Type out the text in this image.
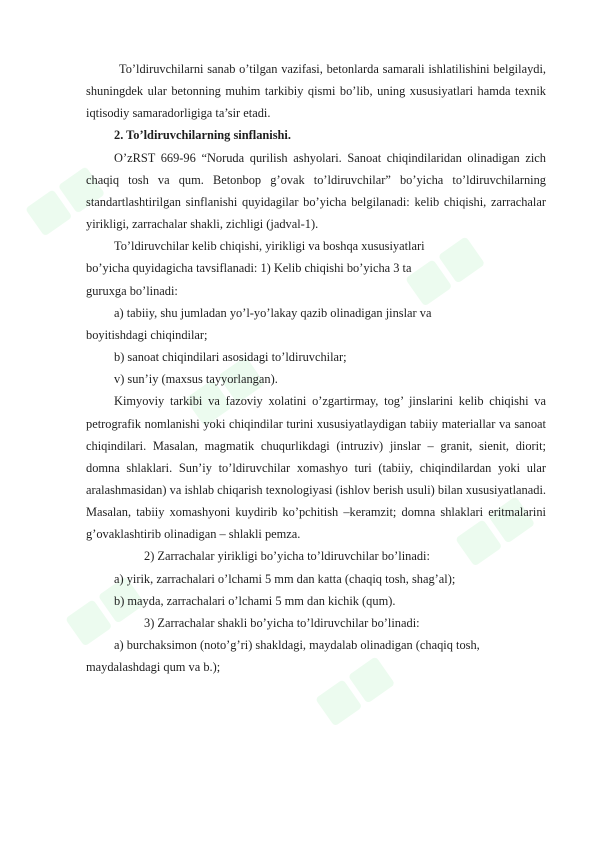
To’ldiruvchilarni sanab o’tilgan vazifasi, betonlarda samarali ishlatilishini belgilaydi, shuningdek ular betonning muhim tarkibiy qismi bo’lib, uning xususiyatlari hamda texnik iqtisodiy samaradorligiga ta’sir etadi.

2. To’ldiruvchilarning sinflanishi.

O’zRST 669-96 “Noruda qurilish ashyolari. Sanoat chiqindilaridan olinadigan zich chaqiq tosh va qum. Betonbop g’ovak to’ldiruvchilar” bo’yicha to’ldiruvchilarning standartlashtirilgan sinflanishi quyidagilar bo’yicha belgilanadi: kelib chiqishi, zarrachalar yirikligi, zarrachalar shakli, zichligi (jadval-1).

To’ldiruvchilar kelib chiqishi, yirikligi va boshqa xususiyatlari

bo’yicha quyidagicha tavsiflanadi: 1) Kelib chiqishi bo’yicha 3 ta

guruxga bo’linadi:

a) tabiiy, shu jumladan yo’l-yo’lakay qazib olinadigan jinslar va

boyitishdagi chiqindilar;

b) sanoat chiqindilari asosidagi to’ldiruvchilar;

v) sun’iy (maxsus tayyorlangan).

Kimyoviy tarkibi va fazoviy xolatini o’zgartirmay, tog’ jinslarini kelib chiqishi va petrografik nomlanishi yoki chiqindilar turini xususiyatlaydigan tabiiy materiallar va sanoat chiqindilari. Masalan, magmatik chuqurlikdagi (intruziv) jinslar – granit, sienit, diorit; domna shlaklari. Sun’iy to’ldiruvchilar xomashyo turi (tabiiy, chiqindilardan yoki ular aralashmasidan) va ishlab chiqarish texnologiyasi (ishlov berish usuli) bilan xususiyatlanadi. Masalan, tabiiy xomashyoni kuydirib ko’pchitish –keramzit; domna shlaklari eritmalarini g’ovaklashtirib olinadigan – shlakli pemza.

2) Zarrachalar yirikligi bo’yicha to’ldiruvchilar bo’linadi:

a) yirik, zarrachalari o’lchami 5 mm dan katta (chaqiq tosh, shag’al);

b) mayda, zarrachalari o’lchami 5 mm dan kichik (qum).

3) Zarrachalar shakli bo’yicha to’ldiruvchilar bo’linadi:

a) burchaksimon (noto’g’ri) shakldagi, maydalab olinadigan (chaqiq tosh,

maydalashdagi qum va b.);
